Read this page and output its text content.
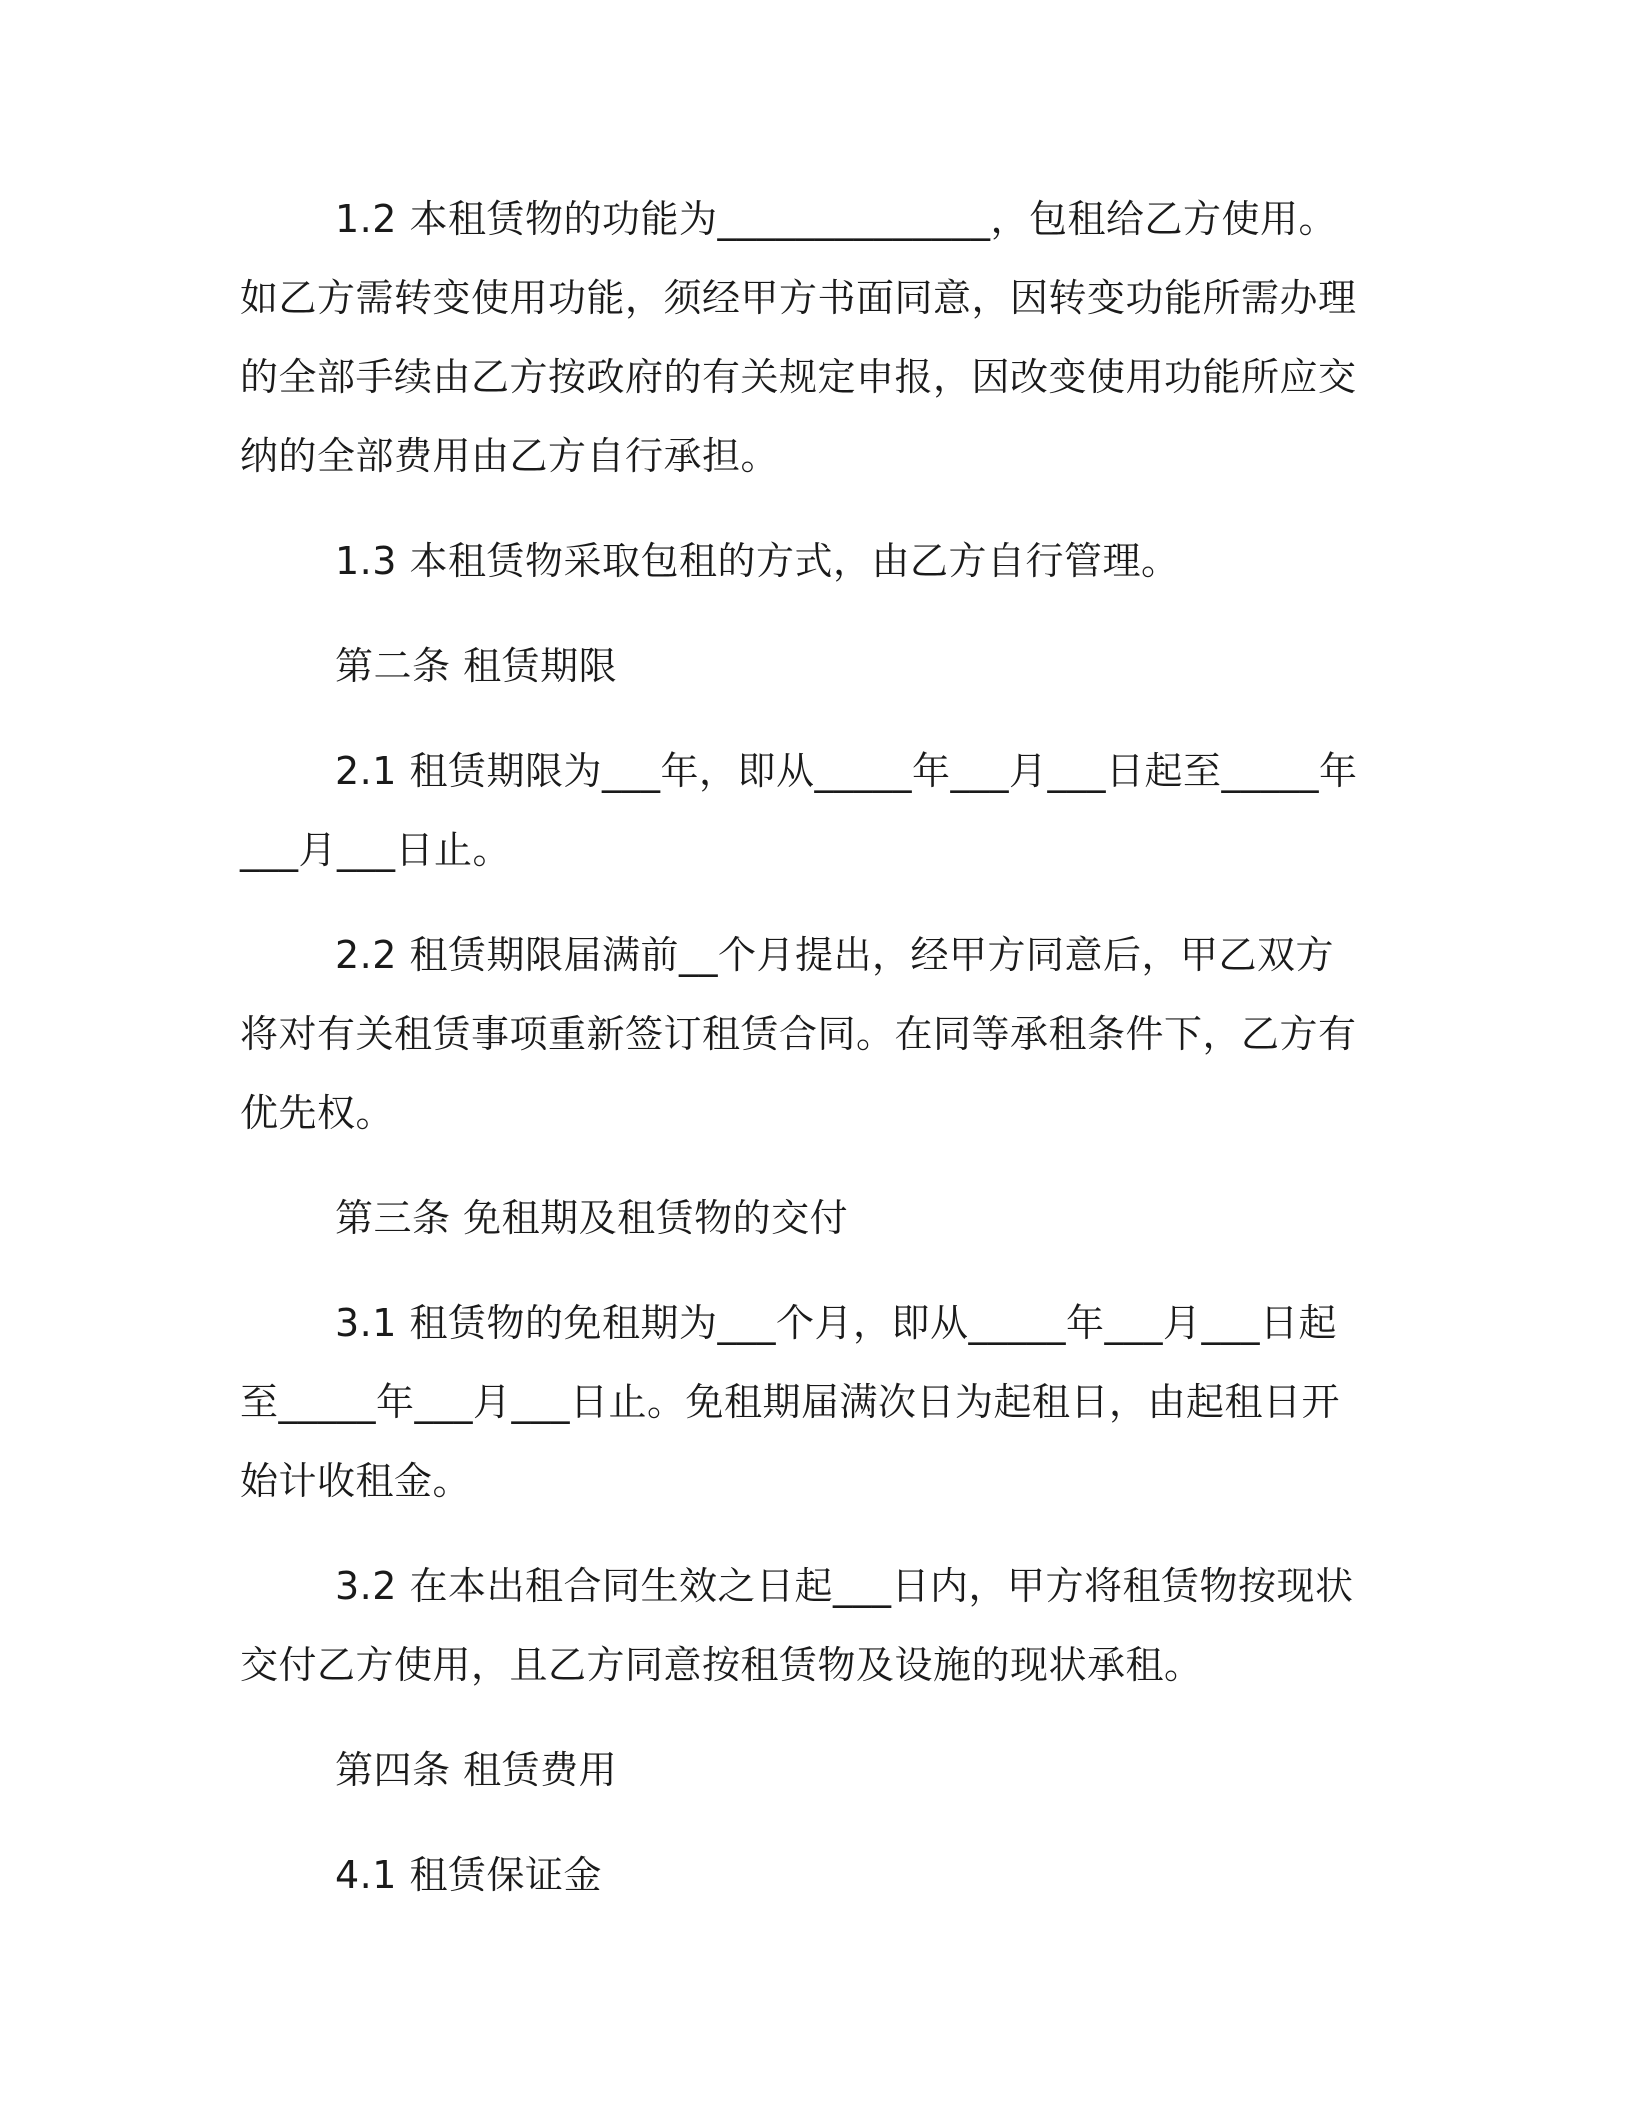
1.2 本租赁物的功能为______________，包租给乙方使用。如乙方需转变使用功能，须经甲方书面同意，因转变功能所需办理的全部手续由乙方按政府的有关规定申报，因改变使用功能所应交纳的全部费用由乙方自行承担。

1.3 本租赁物采取包租的方式，由乙方自行管理。

第二条 租赁期限

2.1 租赁期限为___年，即从_____年___月___日起至_____年___月___日止。

2.2 租赁期限届满前__个月提出，经甲方同意后，甲乙双方将对有关租赁事项重新签订租赁合同。在同等承租条件下，乙方有优先权。

第三条 免租期及租赁物的交付

3.1 租赁物的免租期为___个月，即从_____年___月___日起至_____年___月___日止。免租期届满次日为起租日，由起租日开始计收租金。

3.2 在本出租合同生效之日起___日内，甲方将租赁物按现状交付乙方使用，且乙方同意按租赁物及设施的现状承租。

第四条 租赁费用

4.1 租赁保证金
